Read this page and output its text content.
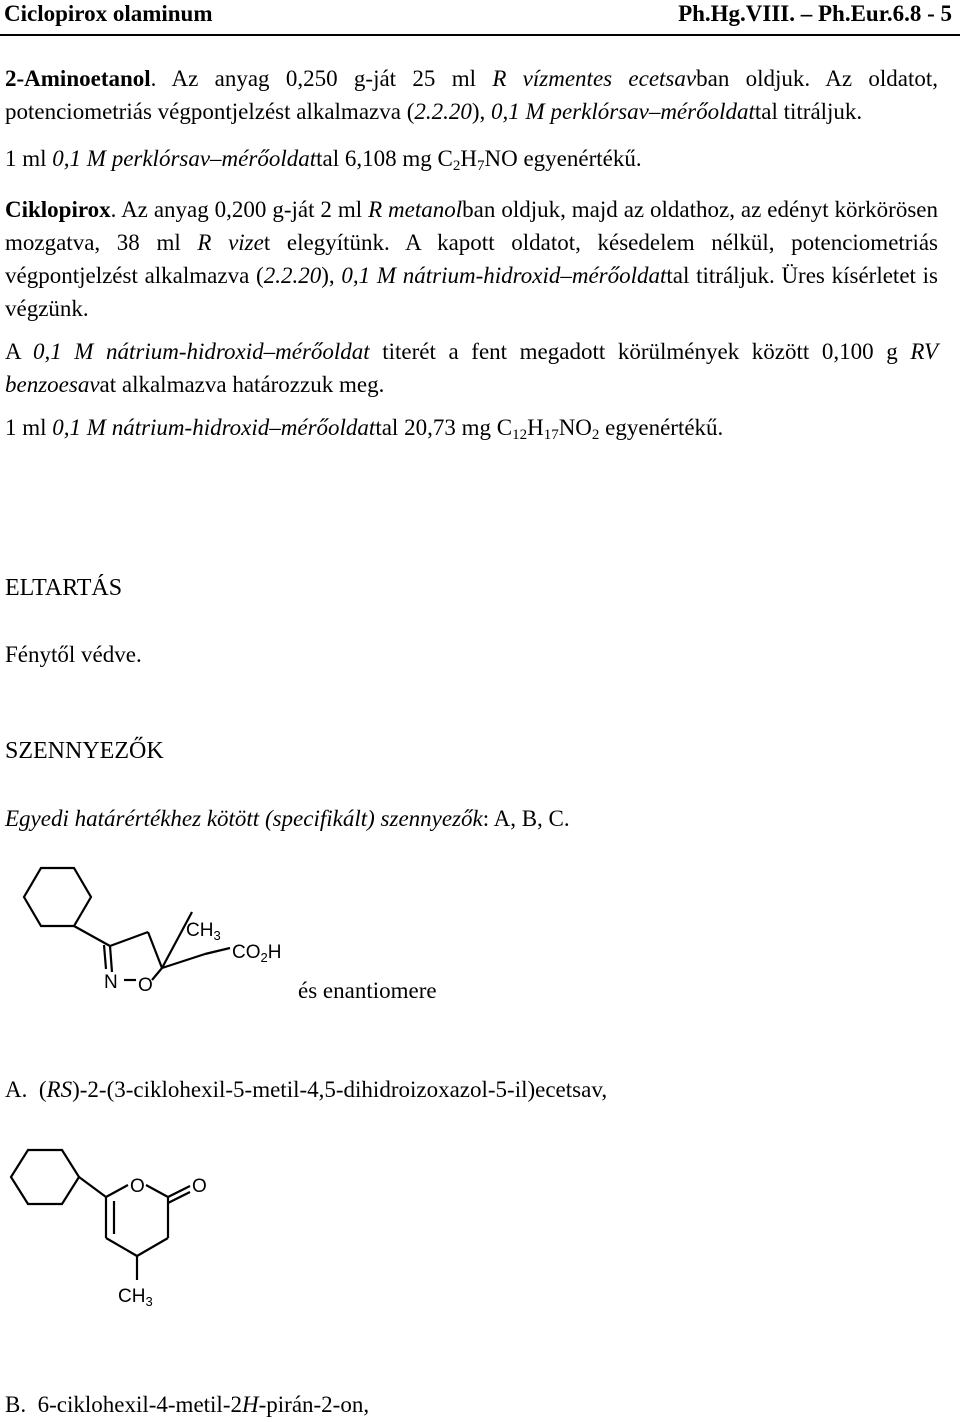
Ciclopirox olaminum	Ph.Hg.VIII. – Ph.Eur.6.8 - 5

2-Aminoetanol. Az anyag 0,250 g-ját 25 ml R vízmentes ecetsavban oldjuk. Az oldatot, potenciometriás végpontjelzést alkalmazva (2.2.20), 0,1 M perklórsav–mérőoldattal titráljuk.

1 ml 0,1 M perklórsav–mérőoldattal 6,108 mg $C_2H_7NO$ egyenértékű.

Ciklopirox. Az anyag 0,200 g-ját 2 ml R metanolban oldjuk, majd az oldathoz, az edényt körkörösen mozgatva, 38 ml R vizet elegyítünk. A kapott oldatot, késedelem nélkül, potenciometriás végpontjelzést alkalmazva (2.2.20), 0,1 M nátrium-hidroxid–mérőoldattal titráljuk. Üres kísérletet is végzünk.

A 0,1 M nátrium-hidroxid–mérőoldat titerét a fent megadott körülmények között 0,100 g RV benzoesavat alkalmazva határozzuk meg.

1 ml 0,1 M nátrium-hidroxid–mérőoldattal 20,73 mg $C_{12}H_{17}NO_2$ egyenértékű.

ELTARTÁS
Fénytől védve.
SZENNYEZŐK
Egyedi határértékhez kötött (specifikált) szennyezők: A, B, C.
$CH_3$
$CO_2H$
N O	és enantiomere
A. (RS)-2-(3-ciklohexil-5-metil-4,5-dihidroizoxazol-5-il)ecetsav,
O O
$CH_3$
B. 6-ciklohexil-4-metil-2H-pirán-2-on,
